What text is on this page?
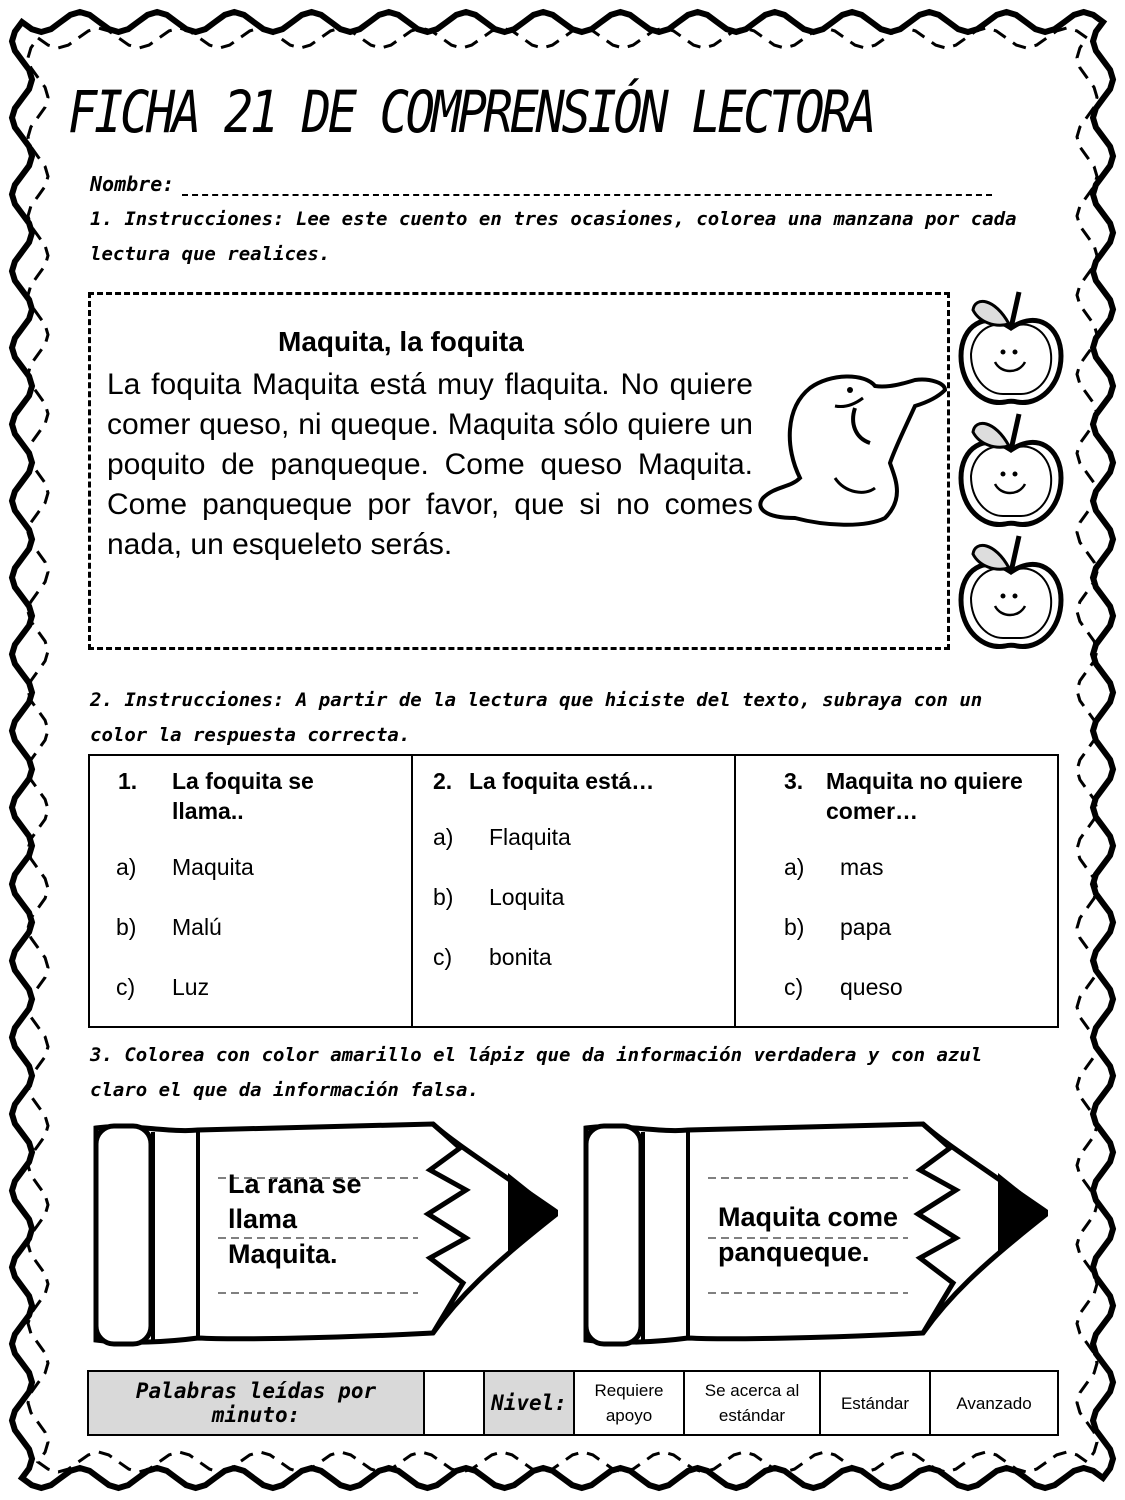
FICHA 21 DE COMPRENSIÓN LECTORA
Nombre:
1. Instrucciones: Lee este cuento en tres ocasiones, colorea una manzana por cada lectura que realices.
Maquita, la foquita
La foquita Maquita está muy flaquita. No quiere comer queso, ni queque. Maquita sólo quiere un poquito de panqueque. Come queso Maquita. Come panqueque por favor, que si no comes nada, un esqueleto serás.
2. Instrucciones: A partir de la lectura que hiciste del texto, subraya con un color la respuesta correcta.
1. La foquita se llama..
a) Maquita
b) Malú
c) Luz
2. La foquita está…
a) Flaquita
b) Loquita
c) bonita
3. Maquita no quiere comer…
a) mas
b) papa
c) queso
3. Colorea con color amarillo el lápiz que da información verdadera y con azul claro el que da información falsa.
La rana se llama Maquita.
Maquita come panqueque.
Palabras leídas por minuto:	Nivel:
Requiere apoyo
Se acerca al estándar
Estándar	Avanzado
